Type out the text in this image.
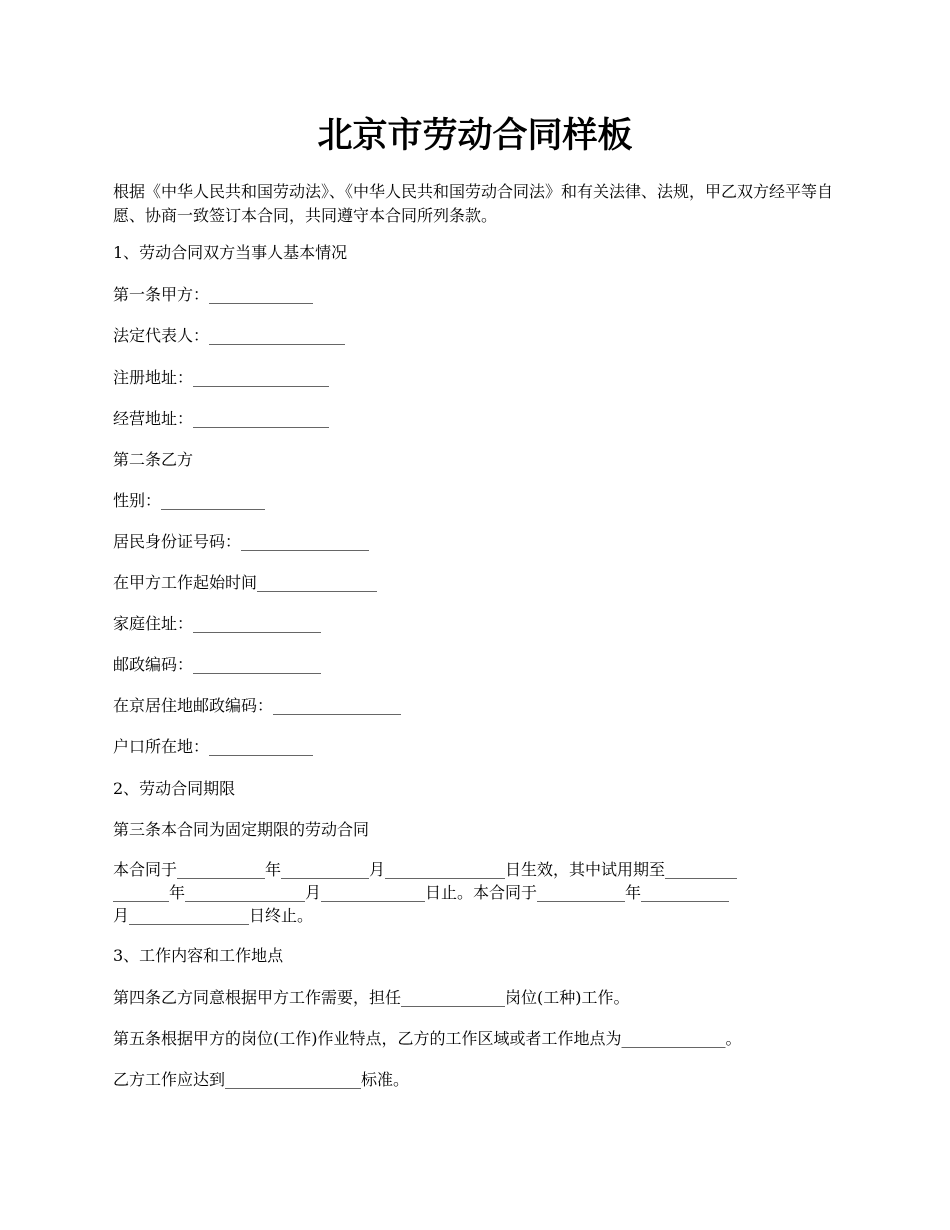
北京市劳动合同样板
根据《中华人民共和国劳动法》、《中华人民共和国劳动合同法》和有关法律、法规，甲乙双方经平等自愿、协商一致签订本合同，共同遵守本合同所列条款。
1、劳动合同双方当事人基本情况
第一条甲方：_____________
法定代表人：_________________
注册地址：_________________
经营地址：_________________
第二条乙方
性别：_____________
居民身份证号码：________________
在甲方工作起始时间_______________
家庭住址：________________
邮政编码：________________
在京居住地邮政编码：________________
户口所在地：_____________
2、劳动合同期限
第三条本合同为固定期限的劳动合同
本合同于___________年___________月_______________日生效，其中试用期至_________
_______年_______________月_____________日止。本合同于___________年___________
月_______________日终止。
3、工作内容和工作地点
第四条乙方同意根据甲方工作需要，担任_____________岗位(工种)工作。
第五条根据甲方的岗位(工作)作业特点，乙方的工作区域或者工作地点为_____________。
乙方工作应达到_________________标准。
